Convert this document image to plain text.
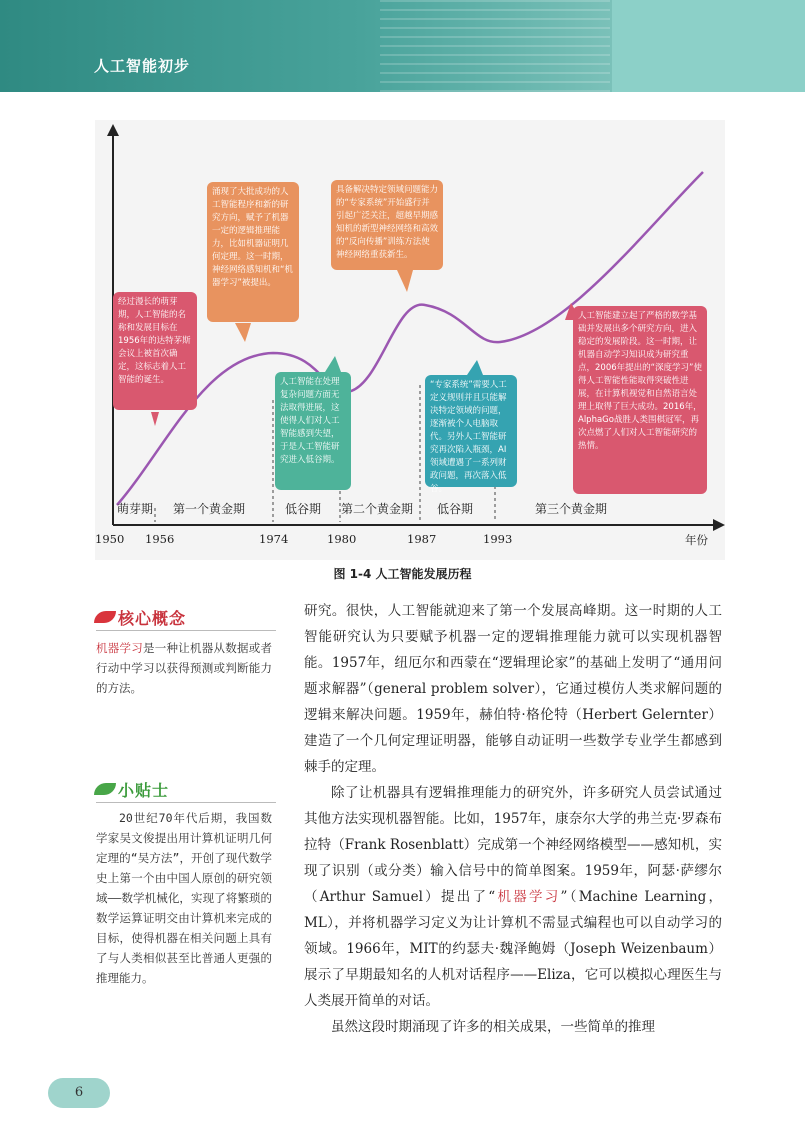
人工智能初步
萌芽期 第一个黄金期	低谷期 第二个黄金期 低谷期	第三个黄金期
1950 1956	1974	1980	1987	1993	年份
经过漫长的萌芽期，人工智能的名称和发展目标在1956年的达特茅斯会议上被首次确定，这标志着人工智能的诞生。
涌现了大批成功的人工智能程序和新的研究方向，赋予了机器一定的逻辑推理能力，比如机器证明几何定理。这一时期，神经网络感知机和“机器学习”被提出。
人工智能在处理复杂问题方面无法取得进展，这使得人们对人工智能感到失望，于是人工智能研究进入低谷期。
具备解决特定领域问题能力的“专家系统”开始盛行并引起广泛关注，超越早期感知机的新型神经网络和高效的“反向传播”训练方法使神经网络重获新生。
“专家系统”需要人工定义规则并且只能解决特定领域的问题，逐渐被个人电脑取代。另外人工智能研究再次陷入瓶颈，AI领域遭遇了一系列财政问题，再次落入低谷。
人工智能建立起了严格的数学基础并发展出多个研究方向，进入稳定的发展阶段。这一时期，让机器自动学习知识成为研究重点，2006年提出的“深度学习”使得人工智能性能取得突破性进展，在计算机视觉和自然语言处理上取得了巨大成功。2016年，AlphaGo战胜人类围棋冠军，再次点燃了人们对人工智能研究的热情。
图 1-4 人工智能发展历程
核心概念
机器学习是一种让机器从数据或者行动中学习以获得预测或判断能力的方法。
小贴士
20世纪70年代后期，我国数学家吴文俊提出用计算机证明几何定理的“吴方法”，开创了现代数学史上第一个由中国人原创的研究领域——数学机械化，实现了将繁琐的数学运算证明交由计算机来完成的目标，使得机器在相关问题上具有了与人类相似甚至比普通人更强的推理能力。

研究。很快，人工智能就迎来了第一个发展高峰期。这一时期的人工智能研究认为只要赋予机器一定的逻辑推理能力就可以实现机器智能。1957年，纽厄尔和西蒙在“逻辑理论家”的基础上发明了“通用问题求解器”（general problem solver），它通过模仿人类求解问题的逻辑来解决问题。1959年，赫伯特·格伦特（Herbert Gelernter）建造了一个几何定理证明器，能够自动证明一些数学专业学生都感到棘手的定理。

除了让机器具有逻辑推理能力的研究外，许多研究人员尝试通过其他方法实现机器智能。比如，1957年，康奈尔大学的弗兰克·罗森布拉特（Frank Rosenblatt）完成第一个神经网络模型——感知机，实现了识别（或分类）输入信号中的简单图案。1959年，阿瑟·萨缪尔（Arthur Samuel）提出了“机器学习”（Machine Learning，ML），并将机器学习定义为让计算机不需显式编程也可以自动学习的领域。1966年，MIT的约瑟夫·魏泽鲍姆（Joseph Weizenbaum）展示了早期最知名的人机对话程序——Eliza，它可以模拟心理医生与人类展开简单的对话。

虽然这段时期涌现了许多的相关成果，一些简单的推理

6
